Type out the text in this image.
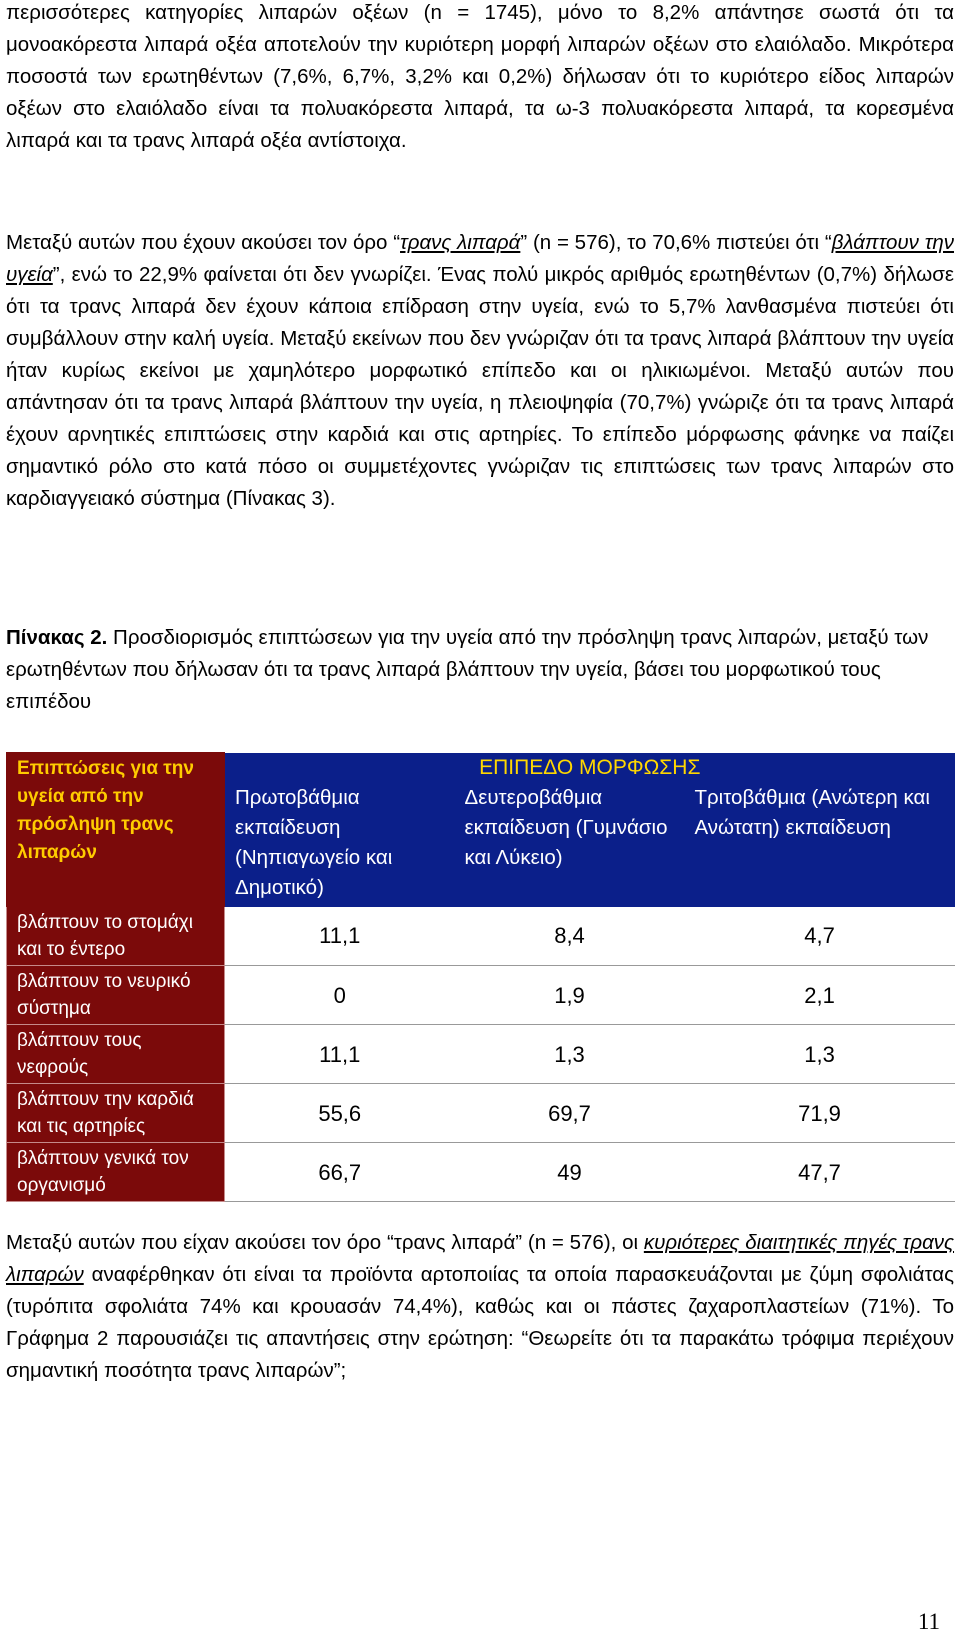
περισσότερες κατηγορίες λιπαρών οξέων (n = 1745), μόνο το 8,2% απάντησε σωστά ότι τα μονοακόρεστα λιπαρά οξέα αποτελούν την κυριότερη μορφή λιπαρών οξέων στο ελαιόλαδο. Μικρότερα ποσοστά των ερωτηθέντων (7,6%, 6,7%, 3,2% και 0,2%) δήλωσαν ότι το κυριότερο είδος λιπαρών οξέων στο ελαιόλαδο είναι τα πολυακόρεστα λιπαρά, τα ω-3 πολυακόρεστα λιπαρά, τα κορεσμένα λιπαρά και τα τρανς λιπαρά οξέα αντίστοιχα.

Μεταξύ αυτών που έχουν ακούσει τον όρο “τρανς λιπαρά” (n = 576), το 70,6% πιστεύει ότι “βλάπτουν την υγεία”, ενώ το 22,9% φαίνεται ότι δεν γνωρίζει. Ένας πολύ μικρός αριθμός ερωτηθέντων (0,7%) δήλωσε ότι τα τρανς λιπαρά δεν έχουν κάποια επίδραση στην υγεία, ενώ το 5,7% λανθασμένα πιστεύει ότι συμβάλλουν στην καλή υγεία. Μεταξύ εκείνων που δεν γνώριζαν ότι τα τρανς λιπαρά βλάπτουν την υγεία ήταν κυρίως εκείνοι με χαμηλότερο μορφωτικό επίπεδο και οι ηλικιωμένοι. Μεταξύ αυτών που απάντησαν ότι τα τρανς λιπαρά βλάπτουν την υγεία, η πλειοψηφία (70,7%) γνώριζε ότι τα τρανς λιπαρά έχουν αρνητικές επιπτώσεις στην καρδιά και στις αρτηρίες. Το επίπεδο μόρφωσης φάνηκε να παίζει σημαντικό ρόλο στο κατά πόσο οι συμμετέχοντες γνώριζαν τις επιπτώσεις των τρανς λιπαρών στο καρδιαγγειακό σύστημα (Πίνακας 3).

Πίνακας 2. Προσδιορισμός επιπτώσεων για την υγεία από την πρόσληψη τρανς λιπαρών, μεταξύ των ερωτηθέντων που δήλωσαν ότι τα τρανς λιπαρά βλάπτουν την υγεία, βάσει του μορφωτικού τους επιπέδου

Επιπτώσεις για την υγεία από την πρόσληψη τρανς λιπαρών	ΕΠΙΠΕΔΟ ΜΟΡΦΩΣΗΣ		
	Πρωτοβάθμια εκπαίδευση (Νηπιαγωγείο και Δημοτικό)	Δευτεροβάθμια εκπαίδευση (Γυμνάσιο και Λύκειο)	Τριτοβάθμια (Ανώτερη και Ανώτατη) εκπαίδευση
βλάπτουν το στομάχι και το έντερο	11,1	8,4	4,7
βλάπτουν το νευρικό σύστημα	0	1,9	2,1
βλάπτουν τους νεφρούς	11,1	1,3	1,3
βλάπτουν την καρδιά και τις αρτηρίες	55,6	69,7	71,9
βλάπτουν γενικά τον οργανισμό	66,7	49	47,7

Μεταξύ αυτών που είχαν ακούσει τον όρο “τρανς λιπαρά” (n = 576), οι κυριότερες διαιτητικές πηγές τρανς λιπαρών αναφέρθηκαν ότι είναι τα προϊόντα αρτοποιίας τα οποία παρασκευάζονται με ζύμη σφολιάτας (τυρόπιτα σφολιάτα 74% και κρουασάν 74,4%), καθώς και οι πάστες ζαχαροπλαστείων (71%). Το Γράφημα 2 παρουσιάζει τις απαντήσεις στην ερώτηση: “Θεωρείτε ότι τα παρακάτω τρόφιμα περιέχουν σημαντική ποσότητα τρανς λιπαρών”;

11
